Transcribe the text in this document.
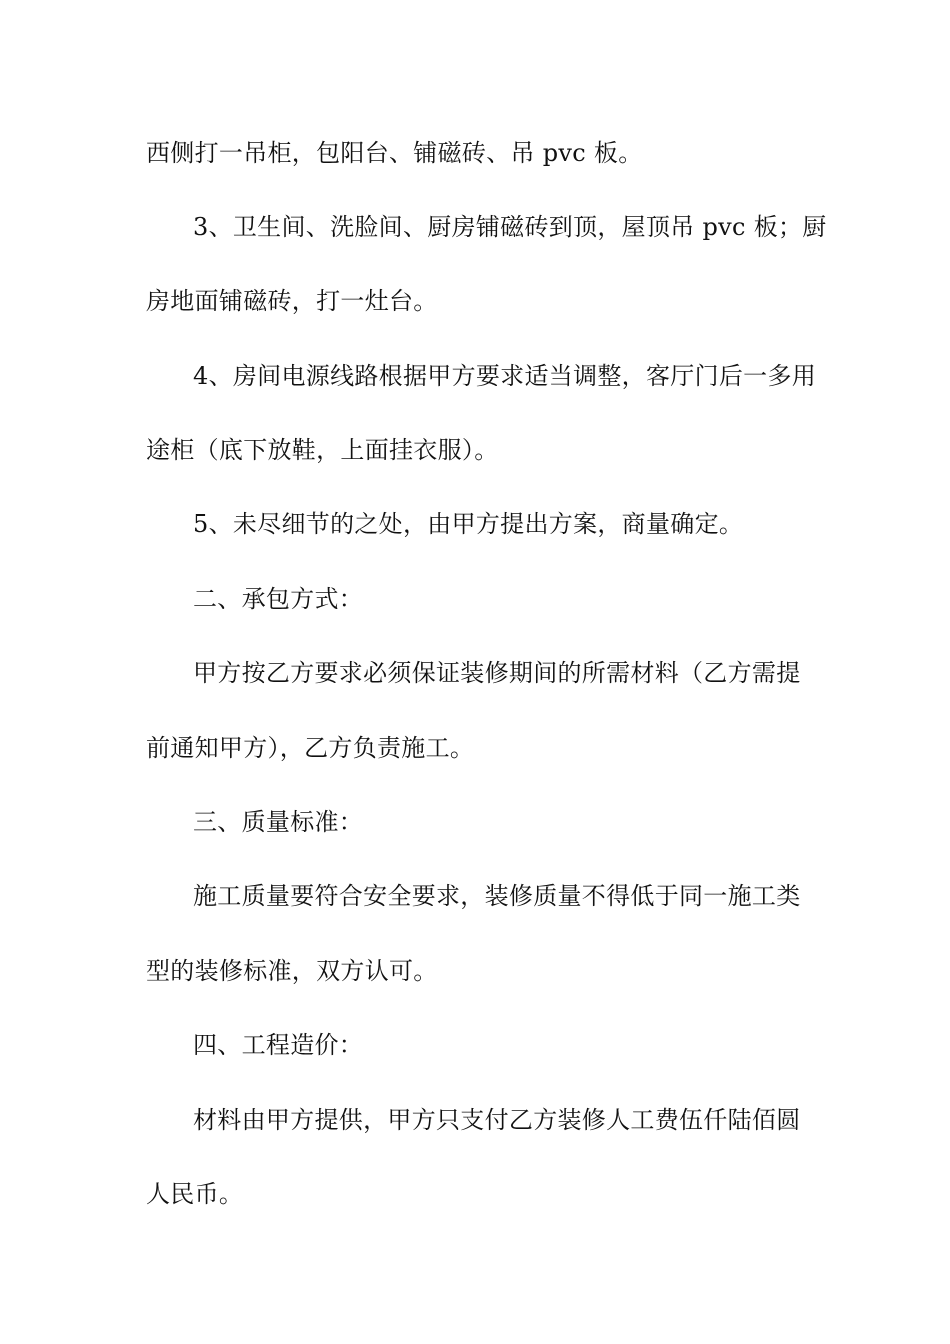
西侧打一吊柜，包阳台、铺磁砖、吊 pvc 板。
3、卫生间、洗脸间、厨房铺磁砖到顶，屋顶吊 pvc 板；厨
房地面铺磁砖，打一灶台。
4、房间电源线路根据甲方要求适当调整，客厅门后一多用
途柜（底下放鞋，上面挂衣服）。
5、未尽细节的之处，由甲方提出方案，商量确定。
二、承包方式：
甲方按乙方要求必须保证装修期间的所需材料（乙方需提
前通知甲方），乙方负责施工。
三、质量标准：
施工质量要符合安全要求，装修质量不得低于同一施工类
型的装修标准，双方认可。
四、工程造价：
材料由甲方提供，甲方只支付乙方装修人工费伍仟陆佰圆
人民币。
